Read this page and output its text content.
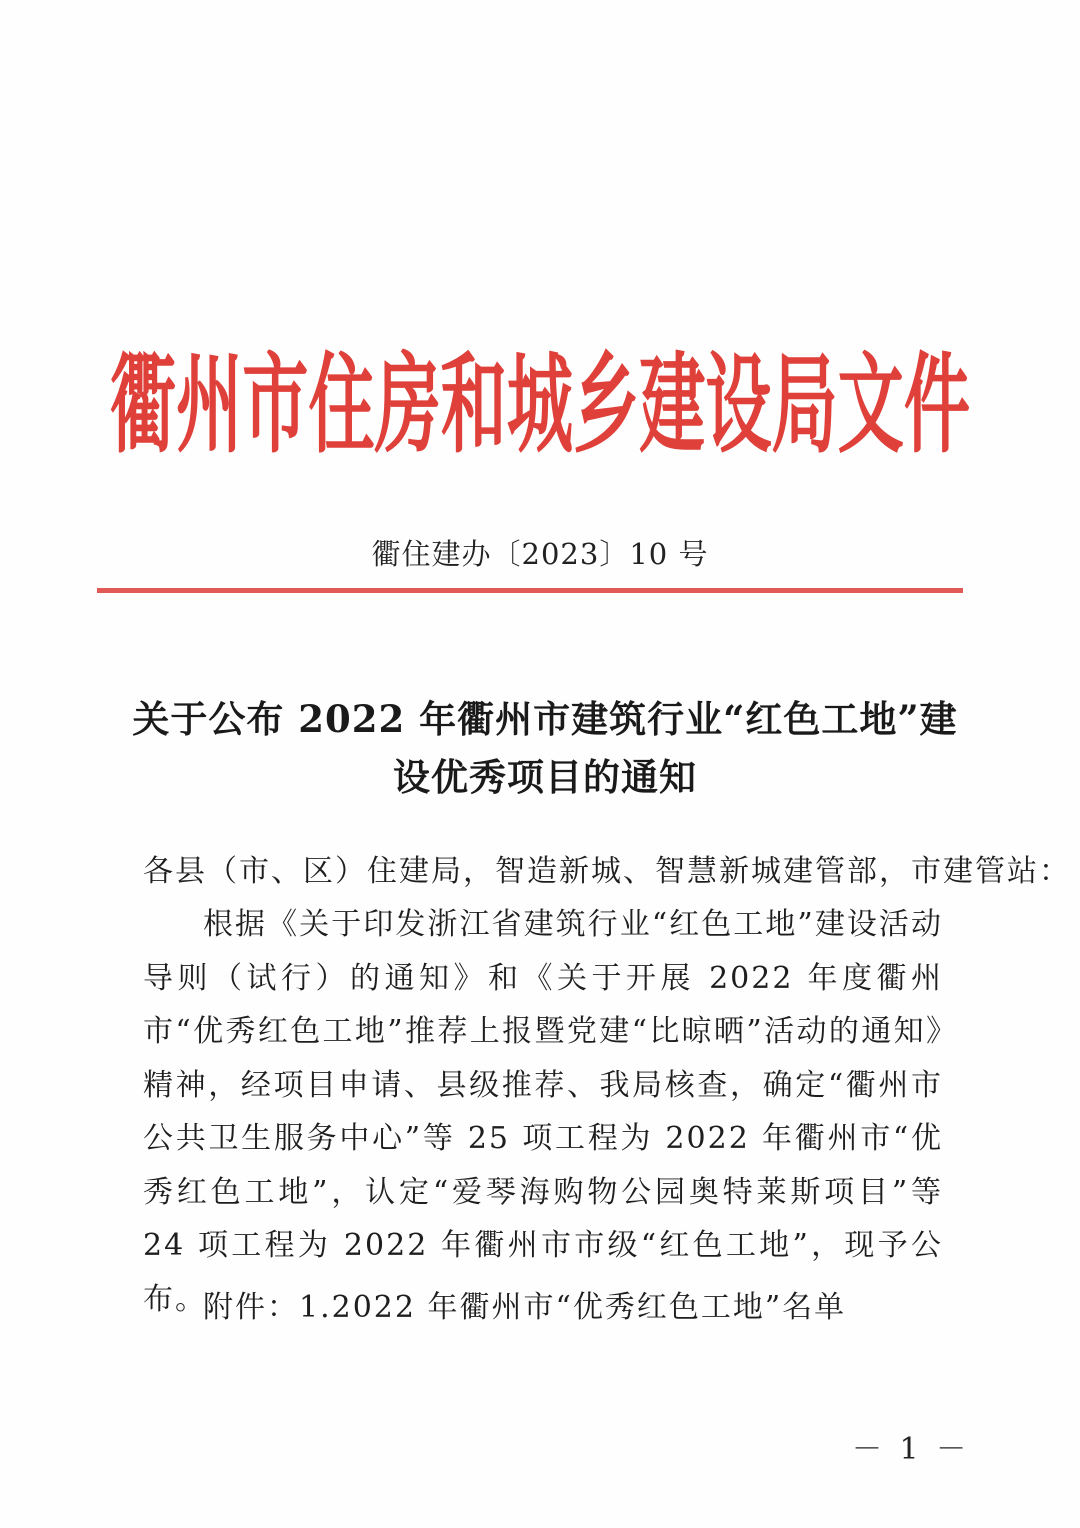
衢州市住房和城乡建设局文件
衢住建办〔2023〕10 号
关于公布 2022 年衢州市建筑行业“红色工地”建
设优秀项目的通知
各县（市、区）住建局，智造新城、智慧新城建管部，市建管站：
根据《关于印发浙江省建筑行业“红色工地”建设活动导则（试行）的通知》和《关于开展 2022 年度衢州市“优秀红色工地”推荐上报暨党建“比晾晒”活动的通知》精神，经项目申请、县级推荐、我局核查，确定“衢州市公共卫生服务中心”等 25 项工程为 2022 年衢州市“优秀红色工地”，认定“爱琴海购物公园奥特莱斯项目”等 24 项工程为 2022 年衢州市市级“红色工地”，现予公布。
附件：1.2022 年衢州市“优秀红色工地”名单
－ 1 －
